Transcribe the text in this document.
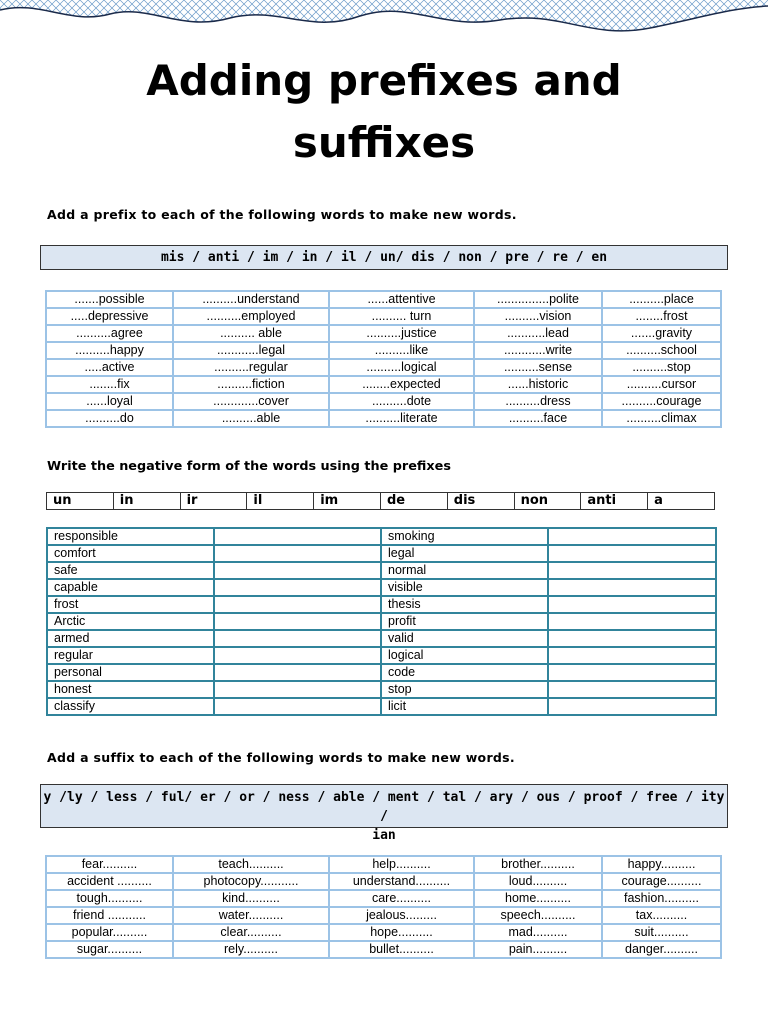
Adding prefixes and
suffixes
Add a prefix to each of the following words to make new words.
mis / anti / im / in / il / un/ dis / non / pre / re / en
.......possible	..........understand	......attentive	...............polite	..........place
.....depressive	..........employed	.......... turn	..........vision	........frost
..........agree	.......... able	..........justice	...........lead	.......gravity
..........happy	............legal	..........like	............write	..........school
.....active	..........regular	..........logical	..........sense	..........stop
........fix	..........fiction	........expected	......historic	..........cursor
......loyal	.............cover	..........dote	..........dress	..........courage
..........do	..........able	..........literate	..........face	..........climax
Write the negative form of the words using the prefixes
un	in	ir	il	im	de	dis	non	anti	a
responsible		smoking	
comfort		legal	
safe		normal	
capable		visible	
frost		thesis	
Arctic		profit	
armed		valid	
regular		logical	
personal		code	
honest		stop	
classify		licit	
Add a suffix to each of the following words to make new words.
y /ly / less / ful/ er / or / ness / able / ment / tal / ary / ous / proof / free / ity /
ian
fear..........	teach..........	help..........	brother..........	happy..........
accident ..........	photocopy...........	understand..........	loud..........	courage..........
tough..........	kind..........	care..........	home..........	fashion..........
friend ...........	water..........	jealous.........	speech..........	tax..........
popular..........	clear..........	hope..........	mad..........	suit..........
sugar..........	rely..........	bullet..........	pain..........	danger..........
